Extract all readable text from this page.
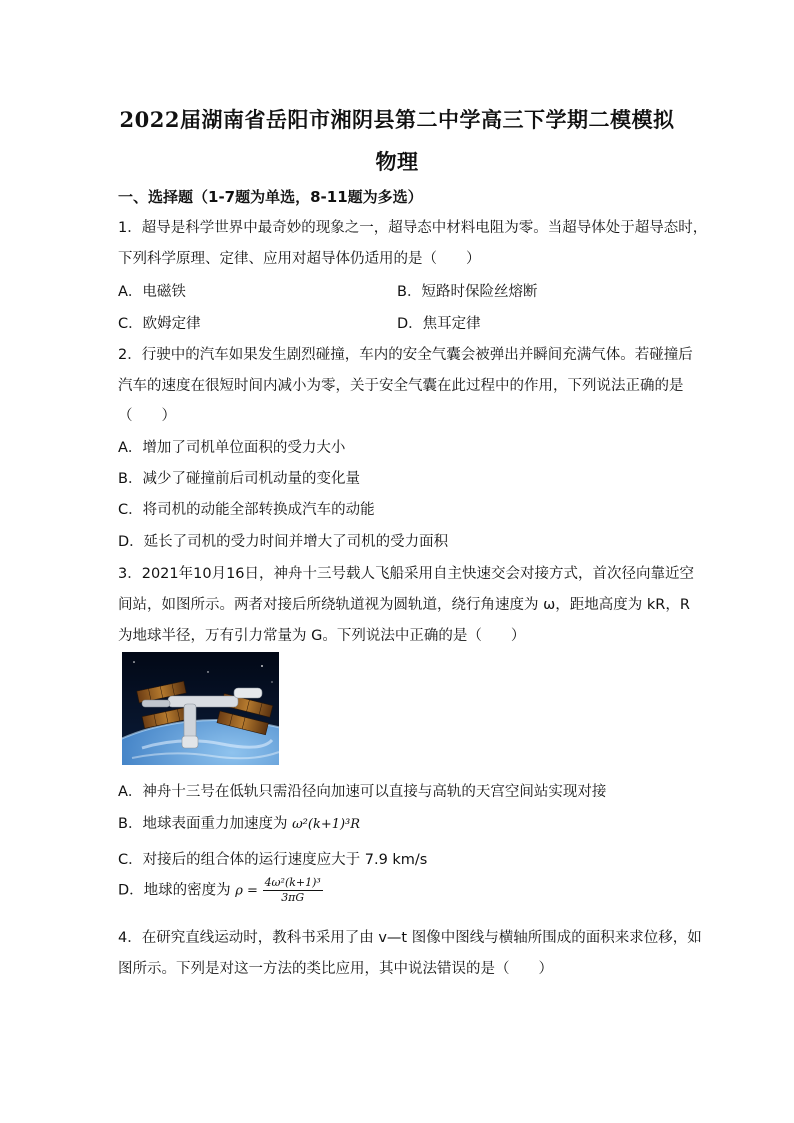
2022届湖南省岳阳市湘阴县第二中学高三下学期二模模拟
物理
一、选择题（1-7题为单选，8-11题为多选）
1．超导是科学世界中最奇妙的现象之一，超导态中材料电阻为零。当超导体处于超导态时，
下列科学原理、定律、应用对超导体仍适用的是（　　）
A．电磁铁	B．短路时保险丝熔断
C．欧姆定律	D．焦耳定律
2．行驶中的汽车如果发生剧烈碰撞，车内的安全气囊会被弹出并瞬间充满气体。若碰撞后
汽车的速度在很短时间内减小为零，关于安全气囊在此过程中的作用，下列说法正确的是
（　　）
A．增加了司机单位面积的受力大小
B．减少了碰撞前后司机动量的变化量
C．将司机的动能全部转换成汽车的动能
D．延长了司机的受力时间并增大了司机的受力面积
3．2021年10月16日，神舟十三号载人飞船采用自主快速交会对接方式，首次径向靠近空
间站，如图所示。两者对接后所绕轨道视为圆轨道，绕行角速度为 ω，距地高度为 kR，R
为地球半径，万有引力常量为 G。下列说法中正确的是（　　）
A．神舟十三号在低轨只需沿径向加速可以直接与高轨的天宫空间站实现对接
B．地球表面重力加速度为 ω²(k+1)³R
C．对接后的组合体的运行速度应大于 7.9 km/s
D．地球的密度为 $\rho = \frac{\text{4ω²(k+1)³}}{3\pi G}$
4．在研究直线运动时，教科书采用了由 v—t 图像中图线与横轴所围成的面积来求位移，如
图所示。下列是对这一方法的类比应用，其中说法错误的是（　　）
